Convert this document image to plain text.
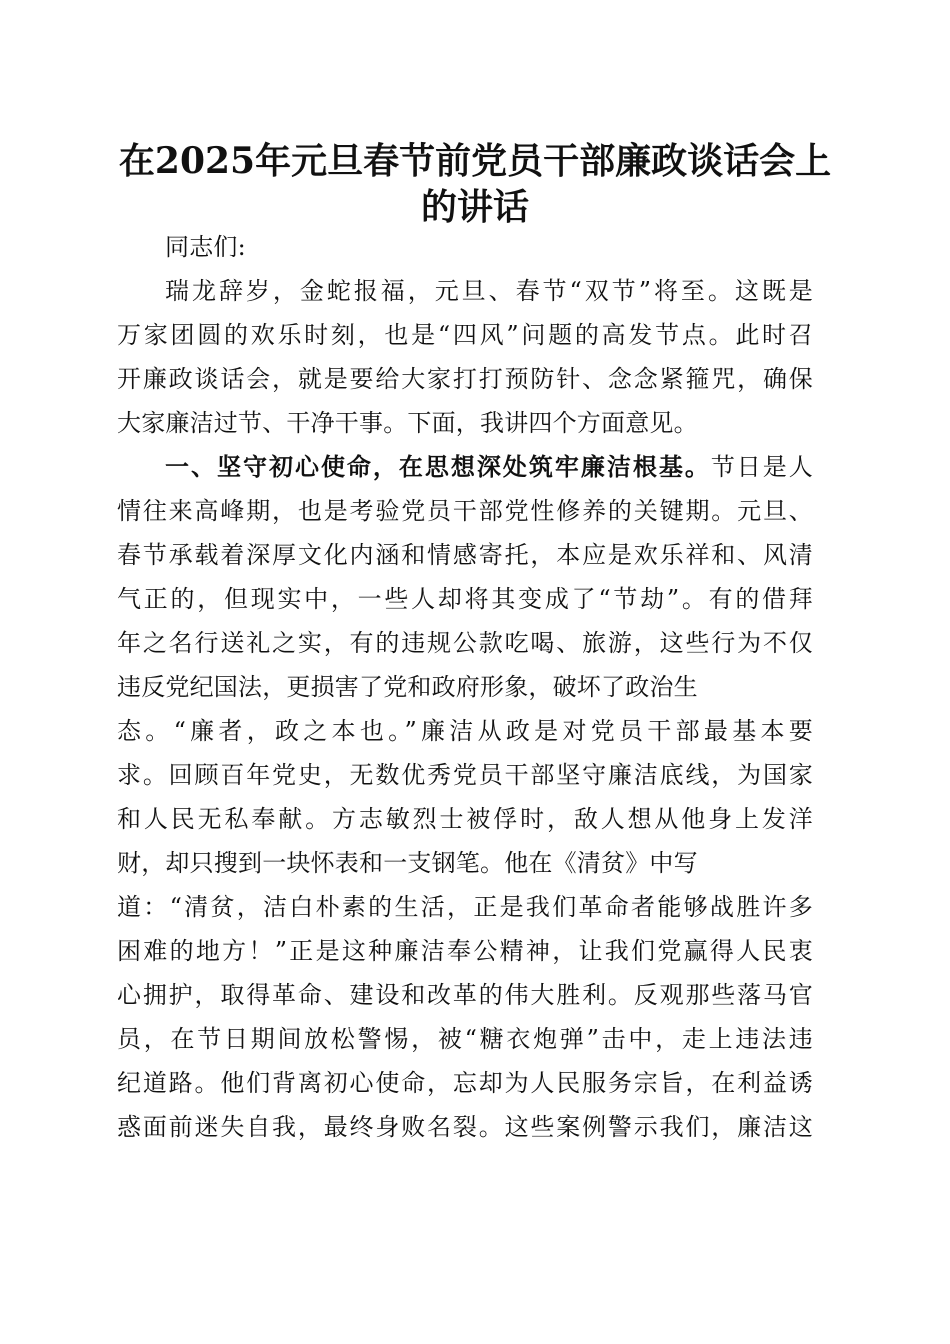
在2025年元旦春节前党员干部廉政谈话会上
的讲话
同志们:
瑞龙辞岁，金蛇报福，元旦、春节“双节”将至。这既是
万家团圆的欢乐时刻，也是“四风”问题的高发节点。此时召
开廉政谈话会，就是要给大家打打预防针、念念紧箍咒，确保
大家廉洁过节、干净干事。下面，我讲四个方面意见。
一、坚守初心使命，在思想深处筑牢廉洁根基。节日是人
情往来高峰期，也是考验党员干部党性修养的关键期。元旦、
春节承载着深厚文化内涵和情感寄托，本应是欢乐祥和、风清
气正的，但现实中，一些人却将其变成了“节劫”。有的借拜
年之名行送礼之实，有的违规公款吃喝、旅游，这些行为不仅
违反党纪国法，更损害了党和政府形象，破坏了政治生
态。“廉者，政之本也。”廉洁从政是对党员干部最基本要
求。回顾百年党史，无数优秀党员干部坚守廉洁底线，为国家
和人民无私奉献。方志敏烈士被俘时，敌人想从他身上发洋
财，却只搜到一块怀表和一支钢笔。他在《清贫》中写
道：“清贫，洁白朴素的生活，正是我们革命者能够战胜许多
困难的地方！”正是这种廉洁奉公精神，让我们党赢得人民衷
心拥护，取得革命、建设和改革的伟大胜利。反观那些落马官
员，在节日期间放松警惕，被“糖衣炮弹”击中，走上违法违
纪道路。他们背离初心使命，忘却为人民服务宗旨，在利益诱
惑面前迷失自我，最终身败名裂。这些案例警示我们，廉洁这
